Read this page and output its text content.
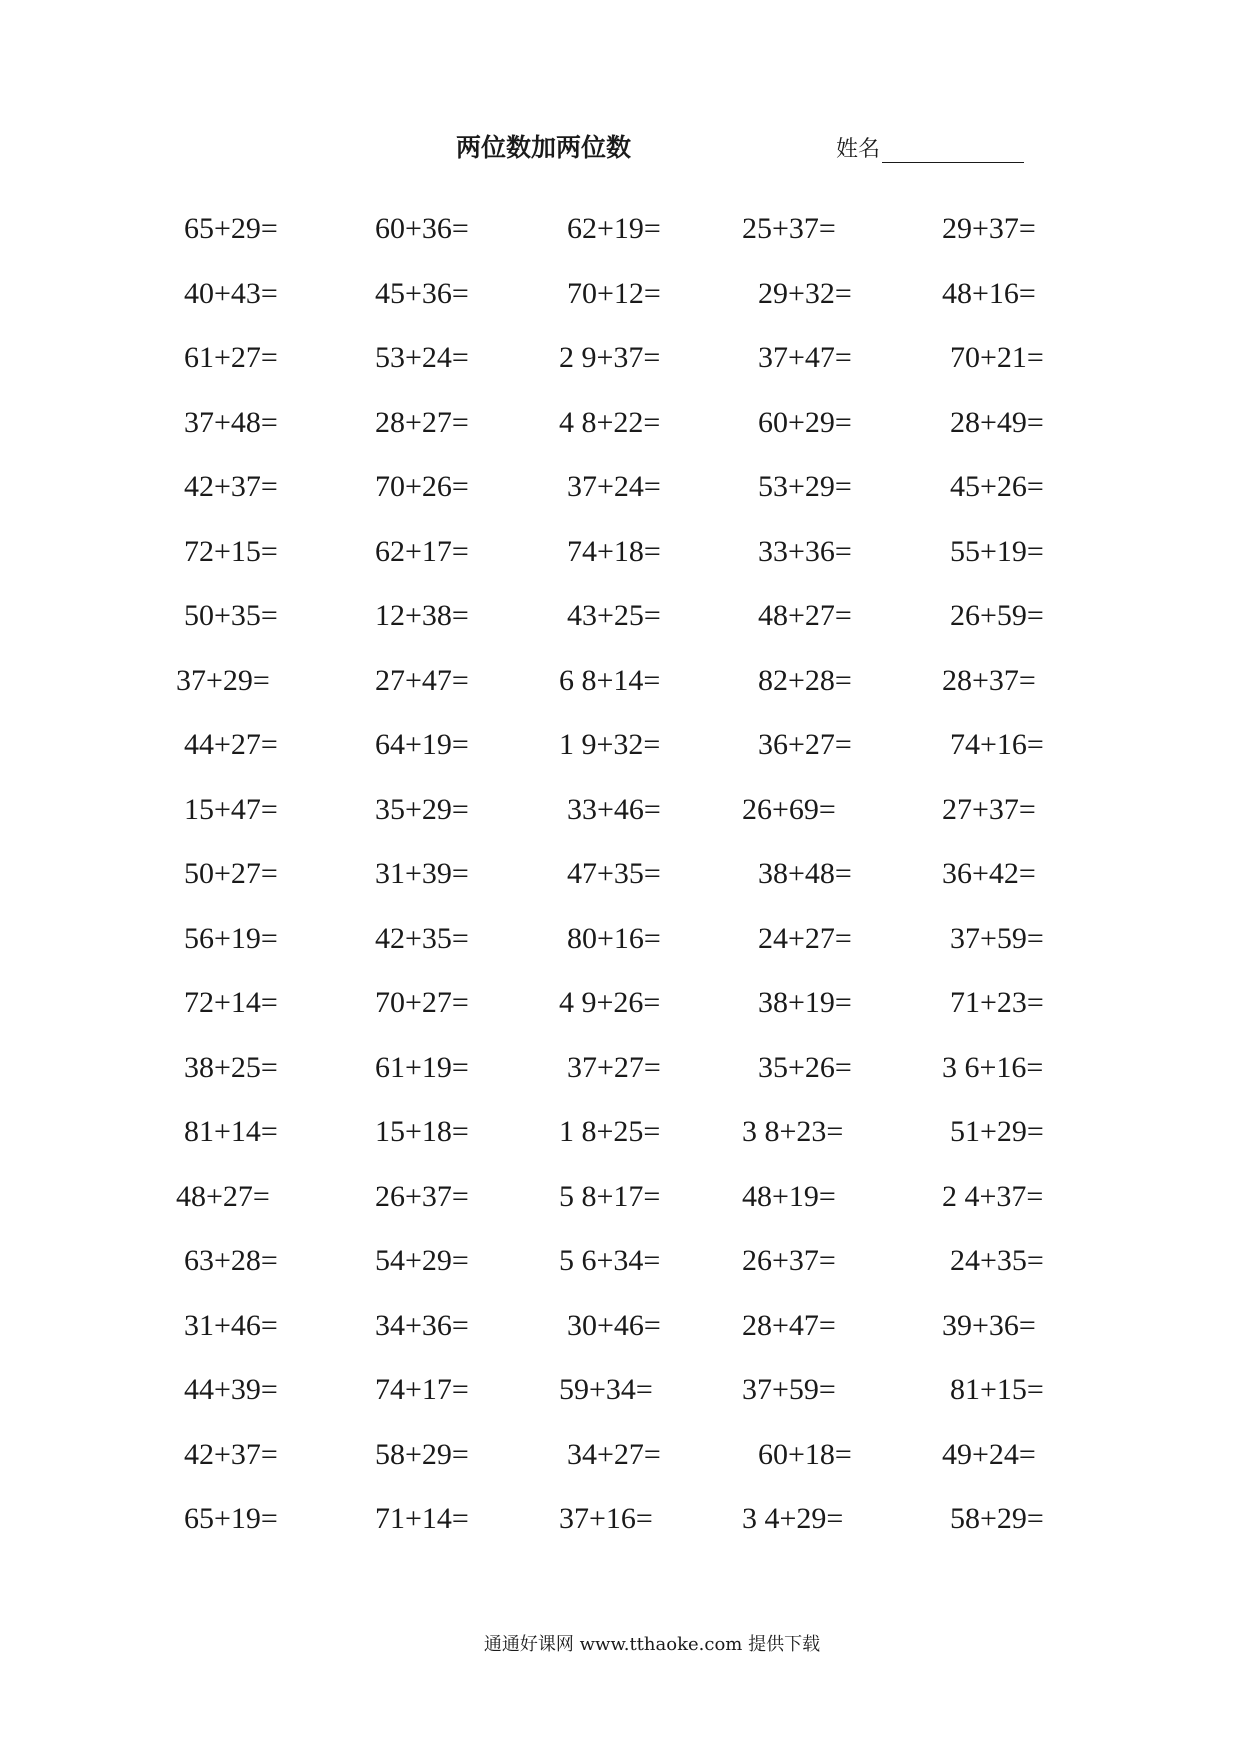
两位数加两位数	姓名
65+29=	60+36=	62+19=	25+37=	29+37=
40+43=	45+36=	70+12=	29+32=	48+16=
61+27=	53+24=	2 9+37=	37+47=	70+21=
37+48=	28+27=	4 8+22=	60+29=	28+49=
42+37=	70+26=	37+24=	53+29=	45+26=
72+15=	62+17=	74+18=	33+36=	55+19=
50+35=	12+38=	43+25=	48+27=	26+59=
37+29=	27+47=	6 8+14=	82+28=	28+37=
44+27=	64+19=	1 9+32=	36+27=	74+16=
15+47=	35+29=	33+46=	26+69=	27+37=
50+27=	31+39=	47+35=	38+48=	36+42=
56+19=	42+35=	80+16=	24+27=	37+59=
72+14=	70+27=	4 9+26=	38+19=	71+23=
38+25=	61+19=	37+27=	35+26=	3 6+16=
81+14=	15+18=	1 8+25=	3 8+23=	51+29=
48+27=	26+37=	5 8+17=	48+19=	2 4+37=
63+28=	54+29=	5 6+34=	26+37=	24+35=
31+46=	34+36=	30+46=	28+47=	39+36=
44+39=	74+17=	59+34=	37+59=	81+15=
42+37=	58+29=	34+27=	60+18=	49+24=
65+19=	71+14=	37+16=	3 4+29=	58+29=
通通好课网 www.tthaoke.com 提供下载
